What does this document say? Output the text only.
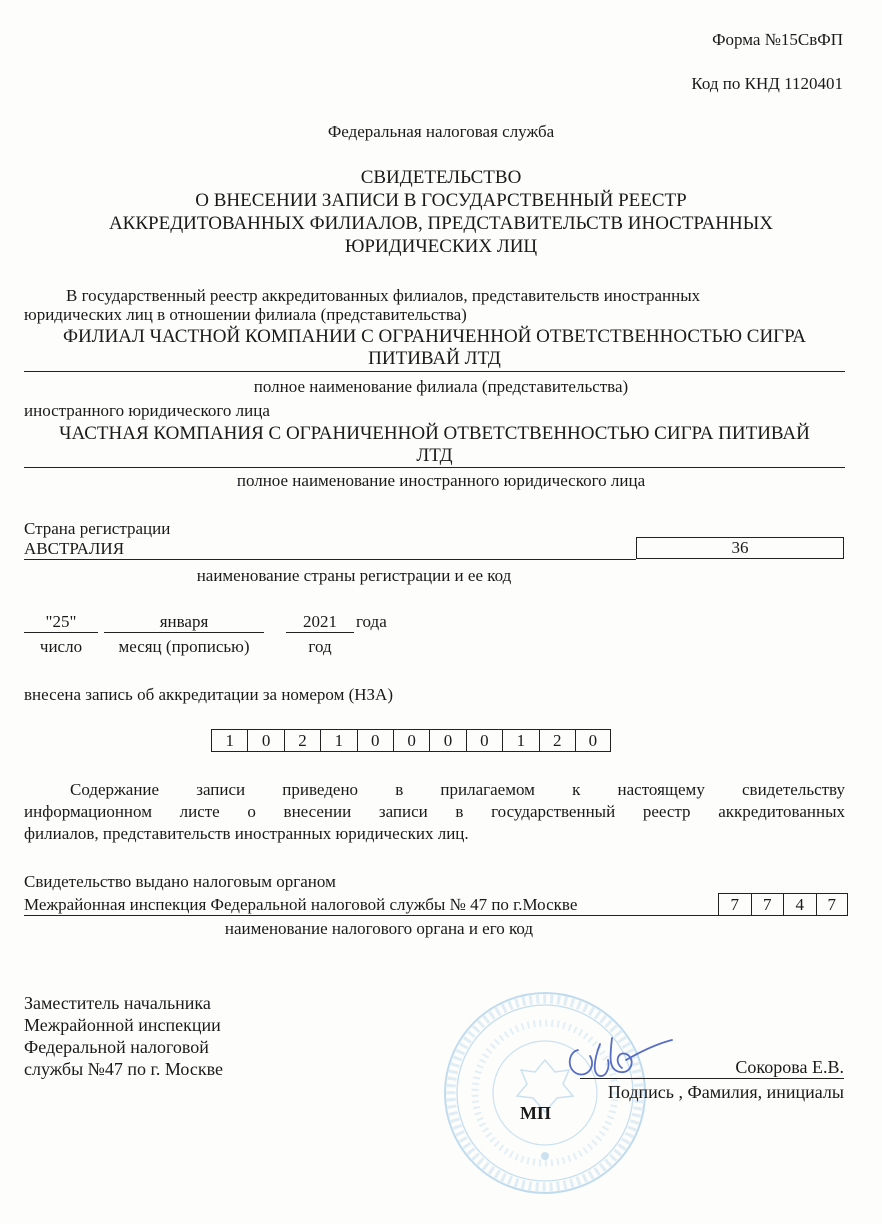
Форма №15СвФП
Код по КНД 1120401
Федеральная налоговая служба
СВИДЕТЕЛЬСТВО
О ВНЕСЕНИИ ЗАПИСИ В ГОСУДАРСТВЕННЫЙ РЕЕСТР
АККРЕДИТОВАННЫХ ФИЛИАЛОВ, ПРЕДСТАВИТЕЛЬСТВ ИНОСТРАННЫХ
ЮРИДИЧЕСКИХ ЛИЦ
В государственный реестр аккредитованных филиалов, представительств иностранных
юридических лиц в отношении филиала (представительства)
ФИЛИАЛ ЧАСТНОЙ КОМПАНИИ С ОГРАНИЧЕННОЙ ОТВЕТСТВЕННОСТЬЮ СИГРА
ПИТИВАЙ ЛТД
полное наименование филиала (представительства)
иностранного юридического лица
ЧАСТНАЯ КОМПАНИЯ С ОГРАНИЧЕННОЙ ОТВЕТСТВЕННОСТЬЮ СИГРА ПИТИВАЙ
ЛТД
полное наименование иностранного юридического лица
Страна регистрации
АВСТРАЛИЯ	36
наименование страны регистрации и ее код
"25"	января	2021	года
число	месяц (прописью)	год
внесена запись об аккредитации за номером (НЗА)
1	0	2	1	0	0	0	0	1	2	0
Содержание записи приведено в прилагаемом к настоящему свидетельству
информационном листе о внесении записи в государственный реестр аккредитованных
филиалов, представительств иностранных юридических лиц.
Свидетельство выдано налоговым органом
Межрайонная инспекция Федеральной налоговой службы № 47 по г.Москве	7	7	4	7
наименование налогового органа и его код
Заместитель начальника
Межрайонной инспекции
Федеральной налоговой
службы №47 по г. Москве	Сокорова Е.В.
Подпись , Фамилия, инициалы
МП
